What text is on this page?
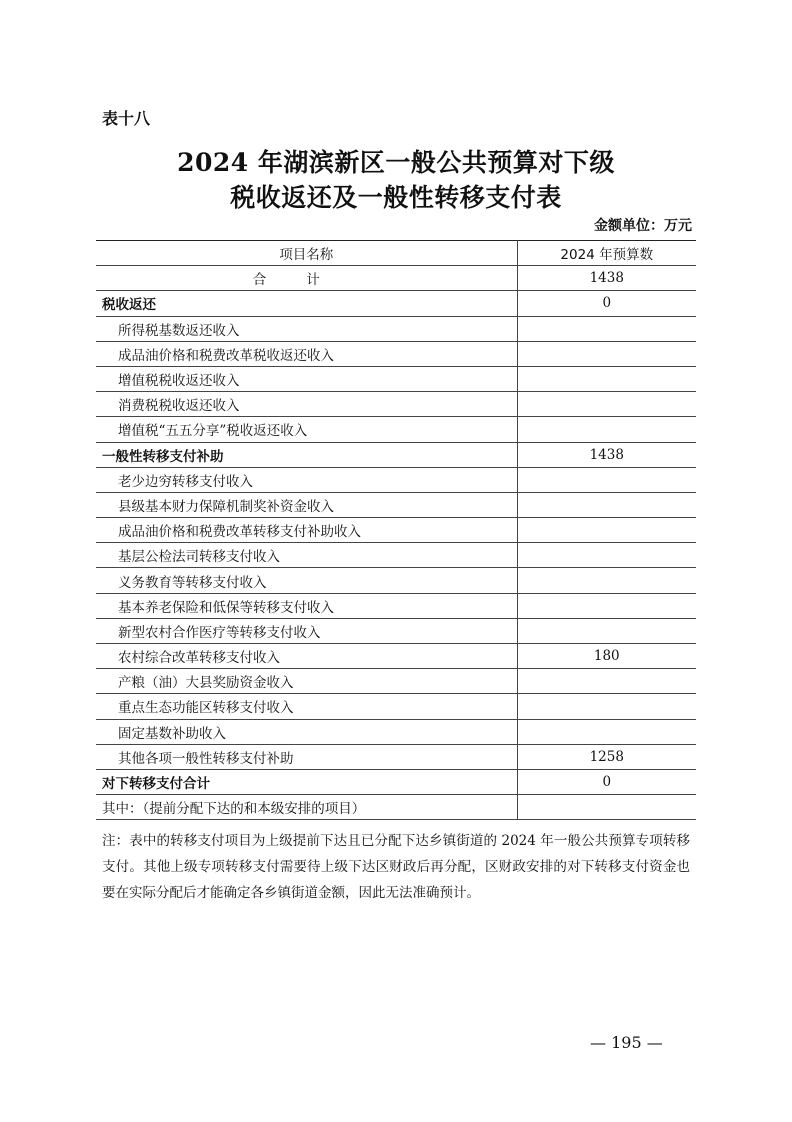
表十八
2024 年湖滨新区一般公共预算对下级
税收返还及一般性转移支付表
金额单位：万元
项目名称	2024 年预算数
合计	1438
税收返还	0
所得税基数返还收入	
成品油价格和税费改革税收返还收入	
增值税税收返还收入	
消费税税收返还收入	
增值税“五五分享”税收返还收入	
一般性转移支付补助	1438
老少边穷转移支付收入	
县级基本财力保障机制奖补资金收入	
成品油价格和税费改革转移支付补助收入	
基层公检法司转移支付收入	
义务教育等转移支付收入	
基本养老保险和低保等转移支付收入	
新型农村合作医疗等转移支付收入	
农村综合改革转移支付收入	180
产粮（油）大县奖励资金收入	
重点生态功能区转移支付收入	
固定基数补助收入	
其他各项一般性转移支付补助	1258
对下转移支付合计	0
其中：（提前分配下达的和本级安排的项目）	
注：表中的转移支付项目为上级提前下达且已分配下达乡镇街道的 2024 年一般公共预算专项转移支付。其他上级专项转移支付需要待上级下达区财政后再分配，区财政安排的对下转移支付资金也要在实际分配后才能确定各乡镇街道金额，因此无法准确预计。
— 195 —
